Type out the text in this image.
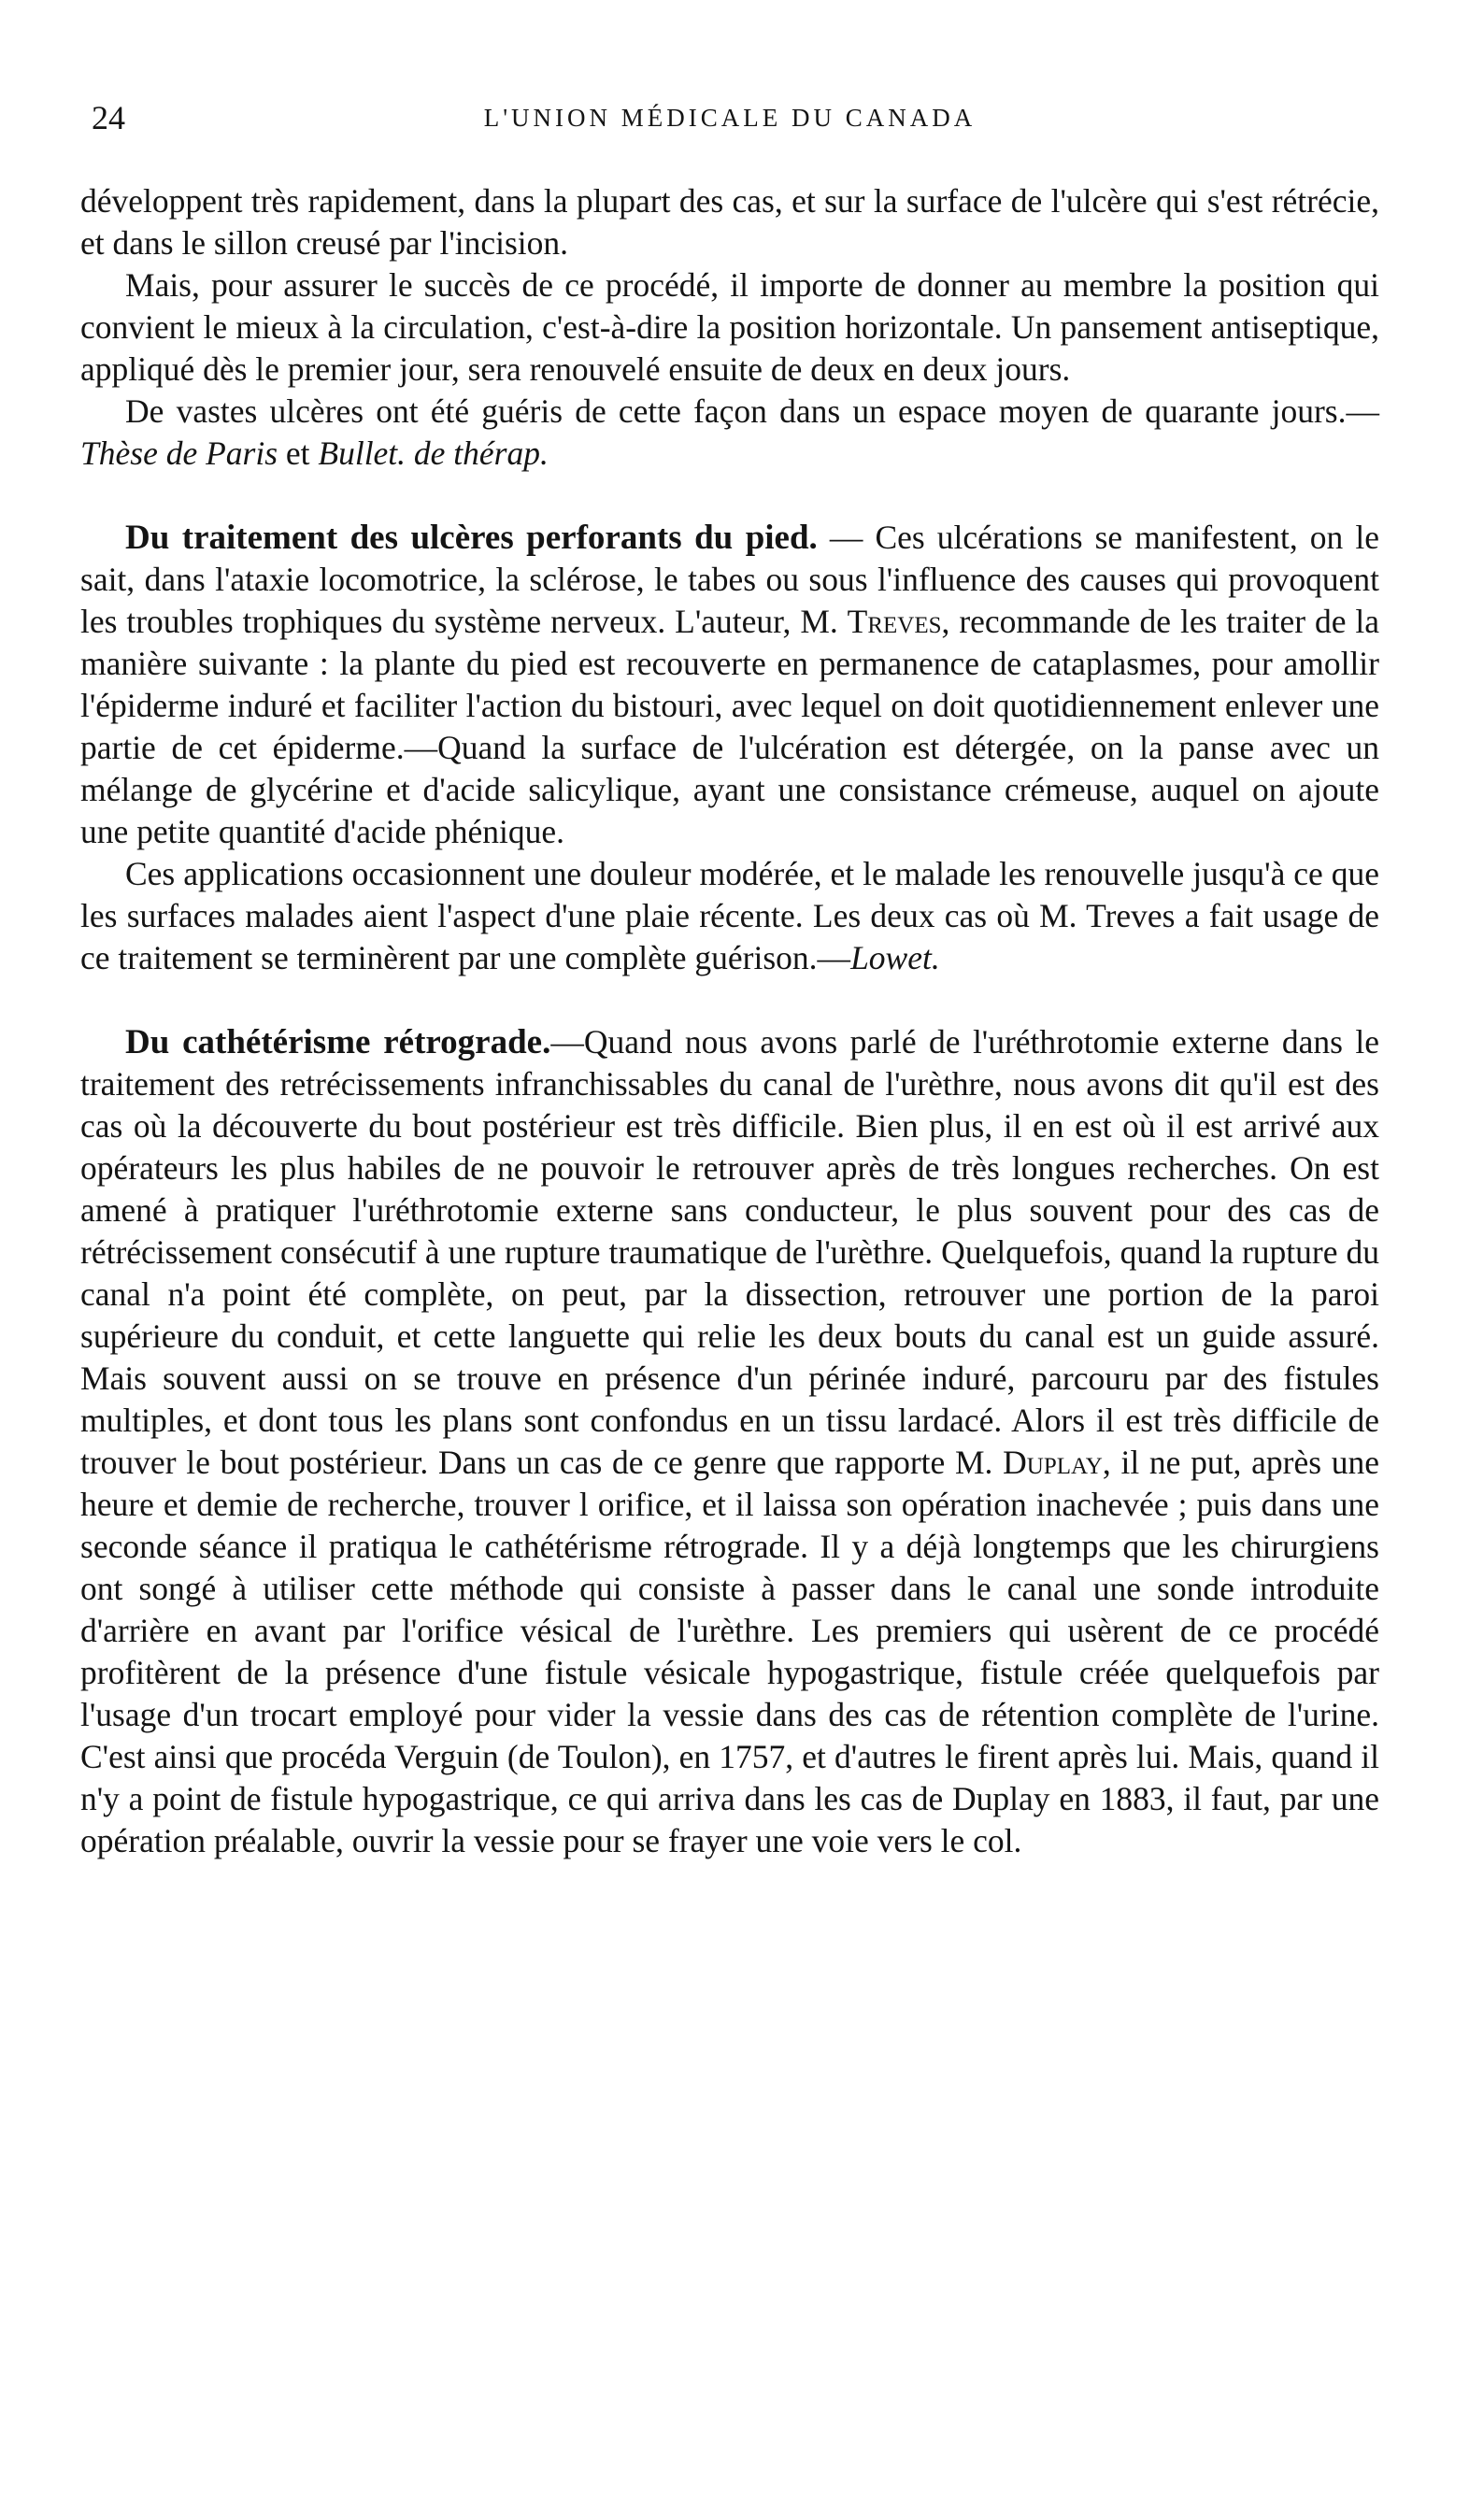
24	L'UNION MÉDICALE DU CANADA

développent très rapidement, dans la plupart des cas, et sur la surface de l'ulcère qui s'est rétrécie, et dans le sillon creusé par l'incision.

Mais, pour assurer le succès de ce procédé, il importe de donner au membre la position qui convient le mieux à la circulation, c'est-à-dire la position horizontale. Un pansement antiseptique, appliqué dès le premier jour, sera renouvelé ensuite de deux en deux jours.

De vastes ulcères ont été guéris de cette façon dans un espace moyen de quarante jours.—Thèse de Paris et Bullet. de thérap.

Du traitement des ulcères perforants du pied. — Ces ulcérations se manifestent, on le sait, dans l'ataxie locomotrice, la sclérose, le tabes ou sous l'influence des causes qui provoquent les troubles trophiques du système nerveux. L'auteur, M. Treves, recommande de les traiter de la manière suivante : la plante du pied est recouverte en permanence de cataplasmes, pour amollir l'épiderme induré et faciliter l'action du bistouri, avec lequel on doit quotidiennement enlever une partie de cet épiderme.—Quand la surface de l'ulcération est détergée, on la panse avec un mélange de glycérine et d'acide salicylique, ayant une consistance crémeuse, auquel on ajoute une petite quantité d'acide phénique.

Ces applications occasionnent une douleur modérée, et le malade les renouvelle jusqu'à ce que les surfaces malades aient l'aspect d'une plaie récente. Les deux cas où M. Treves a fait usage de ce traitement se terminèrent par une complète guérison.—Lowet.

Du cathétérisme rétrograde.—Quand nous avons parlé de l'uréthrotomie externe dans le traitement des retrécissements infranchissables du canal de l'urèthre, nous avons dit qu'il est des cas où la découverte du bout postérieur est très difficile. Bien plus, il en est où il est arrivé aux opérateurs les plus habiles de ne pouvoir le retrouver après de très longues recherches. On est amené à pratiquer l'uréthrotomie externe sans conducteur, le plus souvent pour des cas de rétrécissement consécutif à une rupture traumatique de l'urèthre. Quelquefois, quand la rupture du canal n'a point été complète, on peut, par la dissection, retrouver une portion de la paroi supérieure du conduit, et cette languette qui relie les deux bouts du canal est un guide assuré. Mais souvent aussi on se trouve en présence d'un périnée induré, parcouru par des fistules multiples, et dont tous les plans sont confondus en un tissu lardacé. Alors il est très difficile de trouver le bout postérieur. Dans un cas de ce genre que rapporte M. Duplay, il ne put, après une heure et demie de recherche, trouver l orifice, et il laissa son opération inachevée ; puis dans une seconde séance il pratiqua le cathétérisme rétrograde. Il y a déjà longtemps que les chirurgiens ont songé à utiliser cette méthode qui consiste à passer dans le canal une sonde introduite d'arrière en avant par l'orifice vésical de l'urèthre. Les premiers qui usèrent de ce procédé profitèrent de la présence d'une fistule vésicale hypogastrique, fistule créée quelquefois par l'usage d'un trocart employé pour vider la vessie dans des cas de rétention complète de l'urine. C'est ainsi que procéda Verguin (de Toulon), en 1757, et d'autres le firent après lui. Mais, quand il n'y a point de fistule hypogastrique, ce qui arriva dans les cas de Duplay en 1883, il faut, par une opération préalable, ouvrir la vessie pour se frayer une voie vers le col.
